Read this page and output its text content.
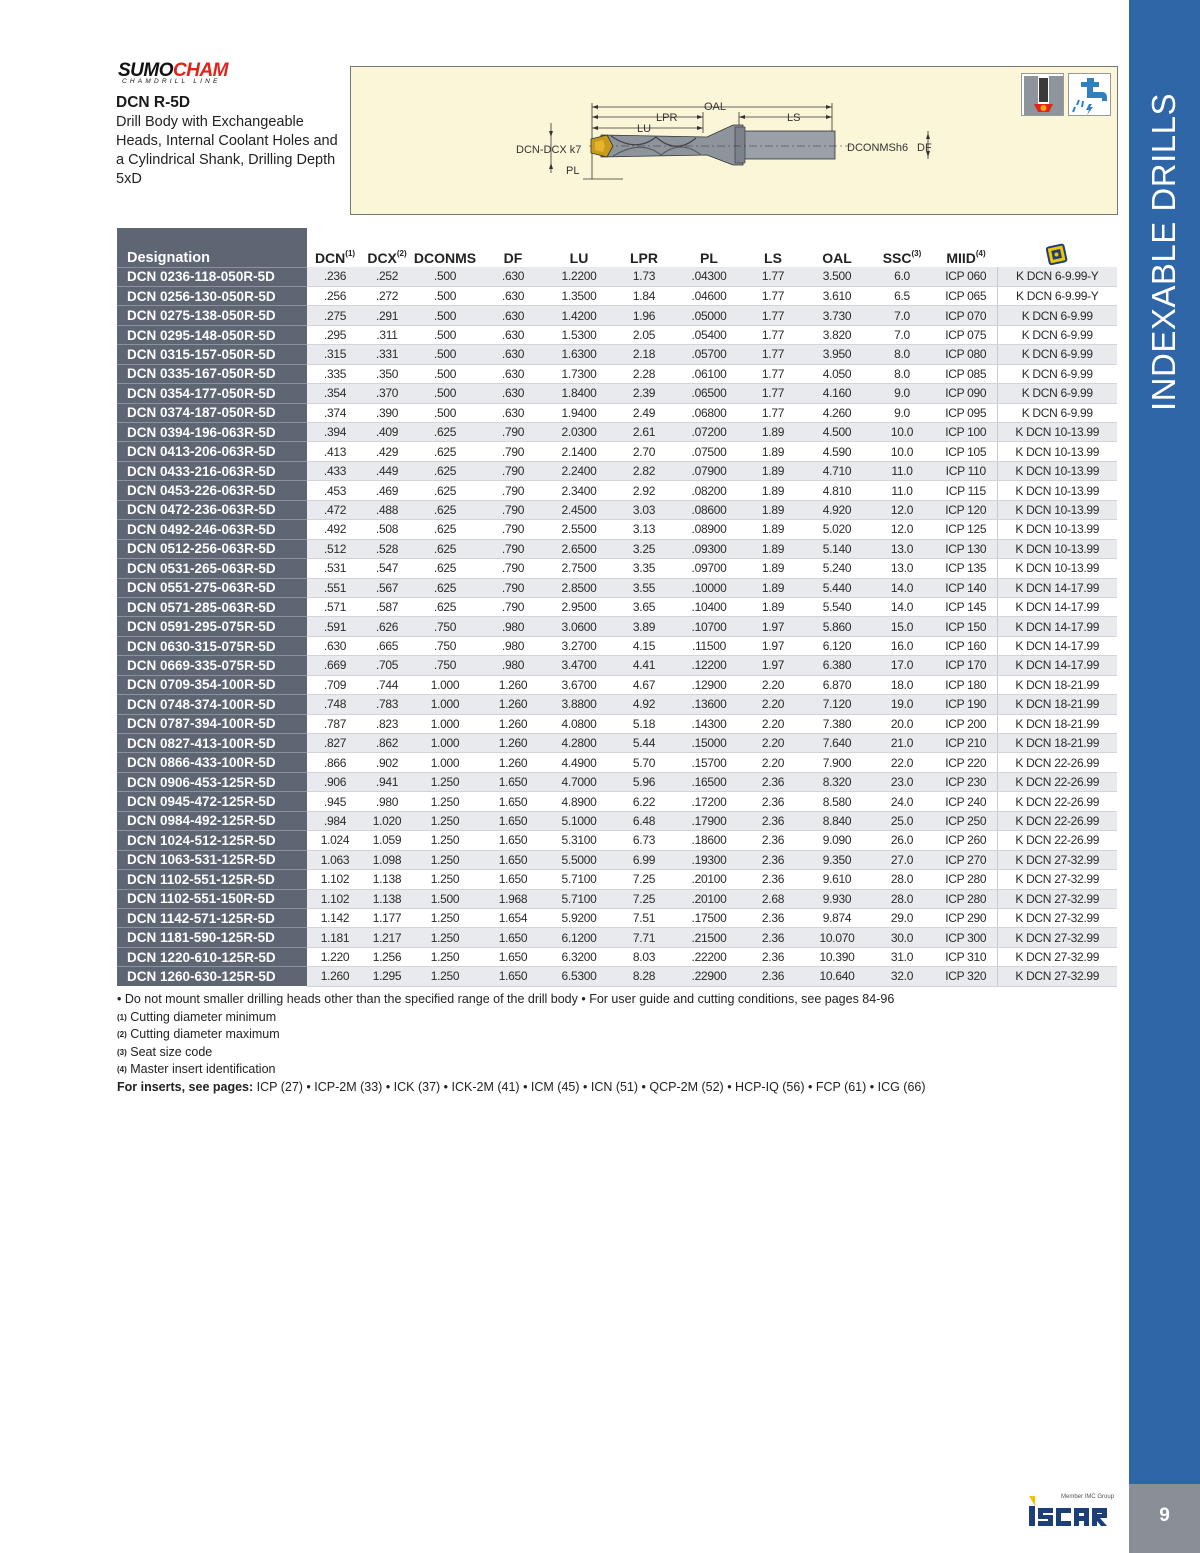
INDEXABLE DRILLS
9
SUMOCHAM
CHAMDRILL LINE
DCN R-5D
Drill Body with Exchangeable Heads, Internal Coolant Holes and a Cylindrical Shank, Drilling Depth 5xD
OAL
LPR
LU
LS
DCN-DCX k7
PL
DCONMSh6 DF
Designation	DCN$^{(1)}$	DCX$^{(2)}$	DCONMS	DF	LU	LPR	PL	LS	OAL	SSC$^{(3)}$	MIID$^{(4)}$	
DCN 0236-118-050R-5D	.236	.252	.500	.630	1.2200	1.73	.04300	1.77	3.500	6.0	ICP 060	K DCN 6-9.99-Y
DCN 0256-130-050R-5D	.256	.272	.500	.630	1.3500	1.84	.04600	1.77	3.610	6.5	ICP 065	K DCN 6-9.99-Y
DCN 0275-138-050R-5D	.275	.291	.500	.630	1.4200	1.96	.05000	1.77	3.730	7.0	ICP 070	K DCN 6-9.99
DCN 0295-148-050R-5D	.295	.311	.500	.630	1.5300	2.05	.05400	1.77	3.820	7.0	ICP 075	K DCN 6-9.99
DCN 0315-157-050R-5D	.315	.331	.500	.630	1.6300	2.18	.05700	1.77	3.950	8.0	ICP 080	K DCN 6-9.99
DCN 0335-167-050R-5D	.335	.350	.500	.630	1.7300	2.28	.06100	1.77	4.050	8.0	ICP 085	K DCN 6-9.99
DCN 0354-177-050R-5D	.354	.370	.500	.630	1.8400	2.39	.06500	1.77	4.160	9.0	ICP 090	K DCN 6-9.99
DCN 0374-187-050R-5D	.374	.390	.500	.630	1.9400	2.49	.06800	1.77	4.260	9.0	ICP 095	K DCN 6-9.99
DCN 0394-196-063R-5D	.394	.409	.625	.790	2.0300	2.61	.07200	1.89	4.500	10.0	ICP 100	K DCN 10-13.99
DCN 0413-206-063R-5D	.413	.429	.625	.790	2.1400	2.70	.07500	1.89	4.590	10.0	ICP 105	K DCN 10-13.99
DCN 0433-216-063R-5D	.433	.449	.625	.790	2.2400	2.82	.07900	1.89	4.710	11.0	ICP 110	K DCN 10-13.99
DCN 0453-226-063R-5D	.453	.469	.625	.790	2.3400	2.92	.08200	1.89	4.810	11.0	ICP 115	K DCN 10-13.99
DCN 0472-236-063R-5D	.472	.488	.625	.790	2.4500	3.03	.08600	1.89	4.920	12.0	ICP 120	K DCN 10-13.99
DCN 0492-246-063R-5D	.492	.508	.625	.790	2.5500	3.13	.08900	1.89	5.020	12.0	ICP 125	K DCN 10-13.99
DCN 0512-256-063R-5D	.512	.528	.625	.790	2.6500	3.25	.09300	1.89	5.140	13.0	ICP 130	K DCN 10-13.99
DCN 0531-265-063R-5D	.531	.547	.625	.790	2.7500	3.35	.09700	1.89	5.240	13.0	ICP 135	K DCN 10-13.99
DCN 0551-275-063R-5D	.551	.567	.625	.790	2.8500	3.55	.10000	1.89	5.440	14.0	ICP 140	K DCN 14-17.99
DCN 0571-285-063R-5D	.571	.587	.625	.790	2.9500	3.65	.10400	1.89	5.540	14.0	ICP 145	K DCN 14-17.99
DCN 0591-295-075R-5D	.591	.626	.750	.980	3.0600	3.89	.10700	1.97	5.860	15.0	ICP 150	K DCN 14-17.99
DCN 0630-315-075R-5D	.630	.665	.750	.980	3.2700	4.15	.11500	1.97	6.120	16.0	ICP 160	K DCN 14-17.99
DCN 0669-335-075R-5D	.669	.705	.750	.980	3.4700	4.41	.12200	1.97	6.380	17.0	ICP 170	K DCN 14-17.99
DCN 0709-354-100R-5D	.709	.744	1.000	1.260	3.6700	4.67	.12900	2.20	6.870	18.0	ICP 180	K DCN 18-21.99
DCN 0748-374-100R-5D	.748	.783	1.000	1.260	3.8800	4.92	.13600	2.20	7.120	19.0	ICP 190	K DCN 18-21.99
DCN 0787-394-100R-5D	.787	.823	1.000	1.260	4.0800	5.18	.14300	2.20	7.380	20.0	ICP 200	K DCN 18-21.99
DCN 0827-413-100R-5D	.827	.862	1.000	1.260	4.2800	5.44	.15000	2.20	7.640	21.0	ICP 210	K DCN 18-21.99
DCN 0866-433-100R-5D	.866	.902	1.000	1.260	4.4900	5.70	.15700	2.20	7.900	22.0	ICP 220	K DCN 22-26.99
DCN 0906-453-125R-5D	.906	.941	1.250	1.650	4.7000	5.96	.16500	2.36	8.320	23.0	ICP 230	K DCN 22-26.99
DCN 0945-472-125R-5D	.945	.980	1.250	1.650	4.8900	6.22	.17200	2.36	8.580	24.0	ICP 240	K DCN 22-26.99
DCN 0984-492-125R-5D	.984	1.020	1.250	1.650	5.1000	6.48	.17900	2.36	8.840	25.0	ICP 250	K DCN 22-26.99
DCN 1024-512-125R-5D	1.024	1.059	1.250	1.650	5.3100	6.73	.18600	2.36	9.090	26.0	ICP 260	K DCN 22-26.99
DCN 1063-531-125R-5D	1.063	1.098	1.250	1.650	5.5000	6.99	.19300	2.36	9.350	27.0	ICP 270	K DCN 27-32.99
DCN 1102-551-125R-5D	1.102	1.138	1.250	1.650	5.7100	7.25	.20100	2.36	9.610	28.0	ICP 280	K DCN 27-32.99
DCN 1102-551-150R-5D	1.102	1.138	1.500	1.968	5.7100	7.25	.20100	2.68	9.930	28.0	ICP 280	K DCN 27-32.99
DCN 1142-571-125R-5D	1.142	1.177	1.250	1.654	5.9200	7.51	.17500	2.36	9.874	29.0	ICP 290	K DCN 27-32.99
DCN 1181-590-125R-5D	1.181	1.217	1.250	1.650	6.1200	7.71	.21500	2.36	10.070	30.0	ICP 300	K DCN 27-32.99
DCN 1220-610-125R-5D	1.220	1.256	1.250	1.650	6.3200	8.03	.22200	2.36	10.390	31.0	ICP 310	K DCN 27-32.99
DCN 1260-630-125R-5D	1.260	1.295	1.250	1.650	6.5300	8.28	.22900	2.36	10.640	32.0	ICP 320	K DCN 27-32.99
• Do not mount smaller drilling heads other than the specified range of the drill body • For user guide and cutting conditions, see pages 84-96
$^{(1)}$ Cutting diameter minimum
$^{(2)}$ Cutting diameter maximum
$^{(3)}$ Seat size code
$^{(4)}$ Master insert identification
For inserts, see pages: ICP (27) • ICP-2M (33) • ICK (37) • ICK-2M (41) • ICM (45) • ICN (51) • QCP-2M (52) • HCP-IQ (56) • FCP (61) • ICG (66)
Member IMC Group
